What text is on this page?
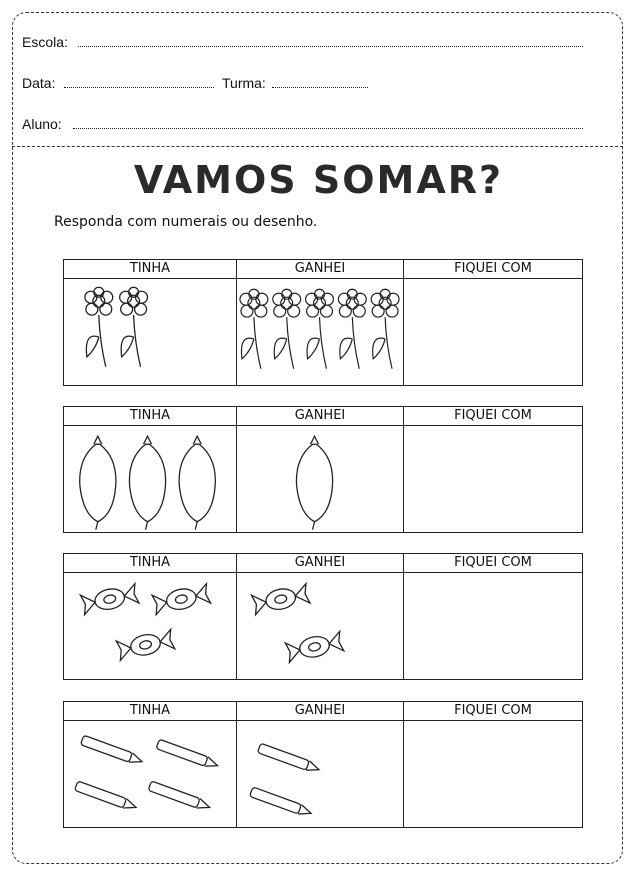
Escola:
Data:	Turma:
Aluno:
VAMOS SOMAR?
Responda com numerais ou desenho.
TINHA	GANHEI	FIQUEI COM

TINHA	GANHEI	FIQUEI COM

TINHA	GANHEI	FIQUEI COM

TINHA	GANHEI	FIQUEI COM
